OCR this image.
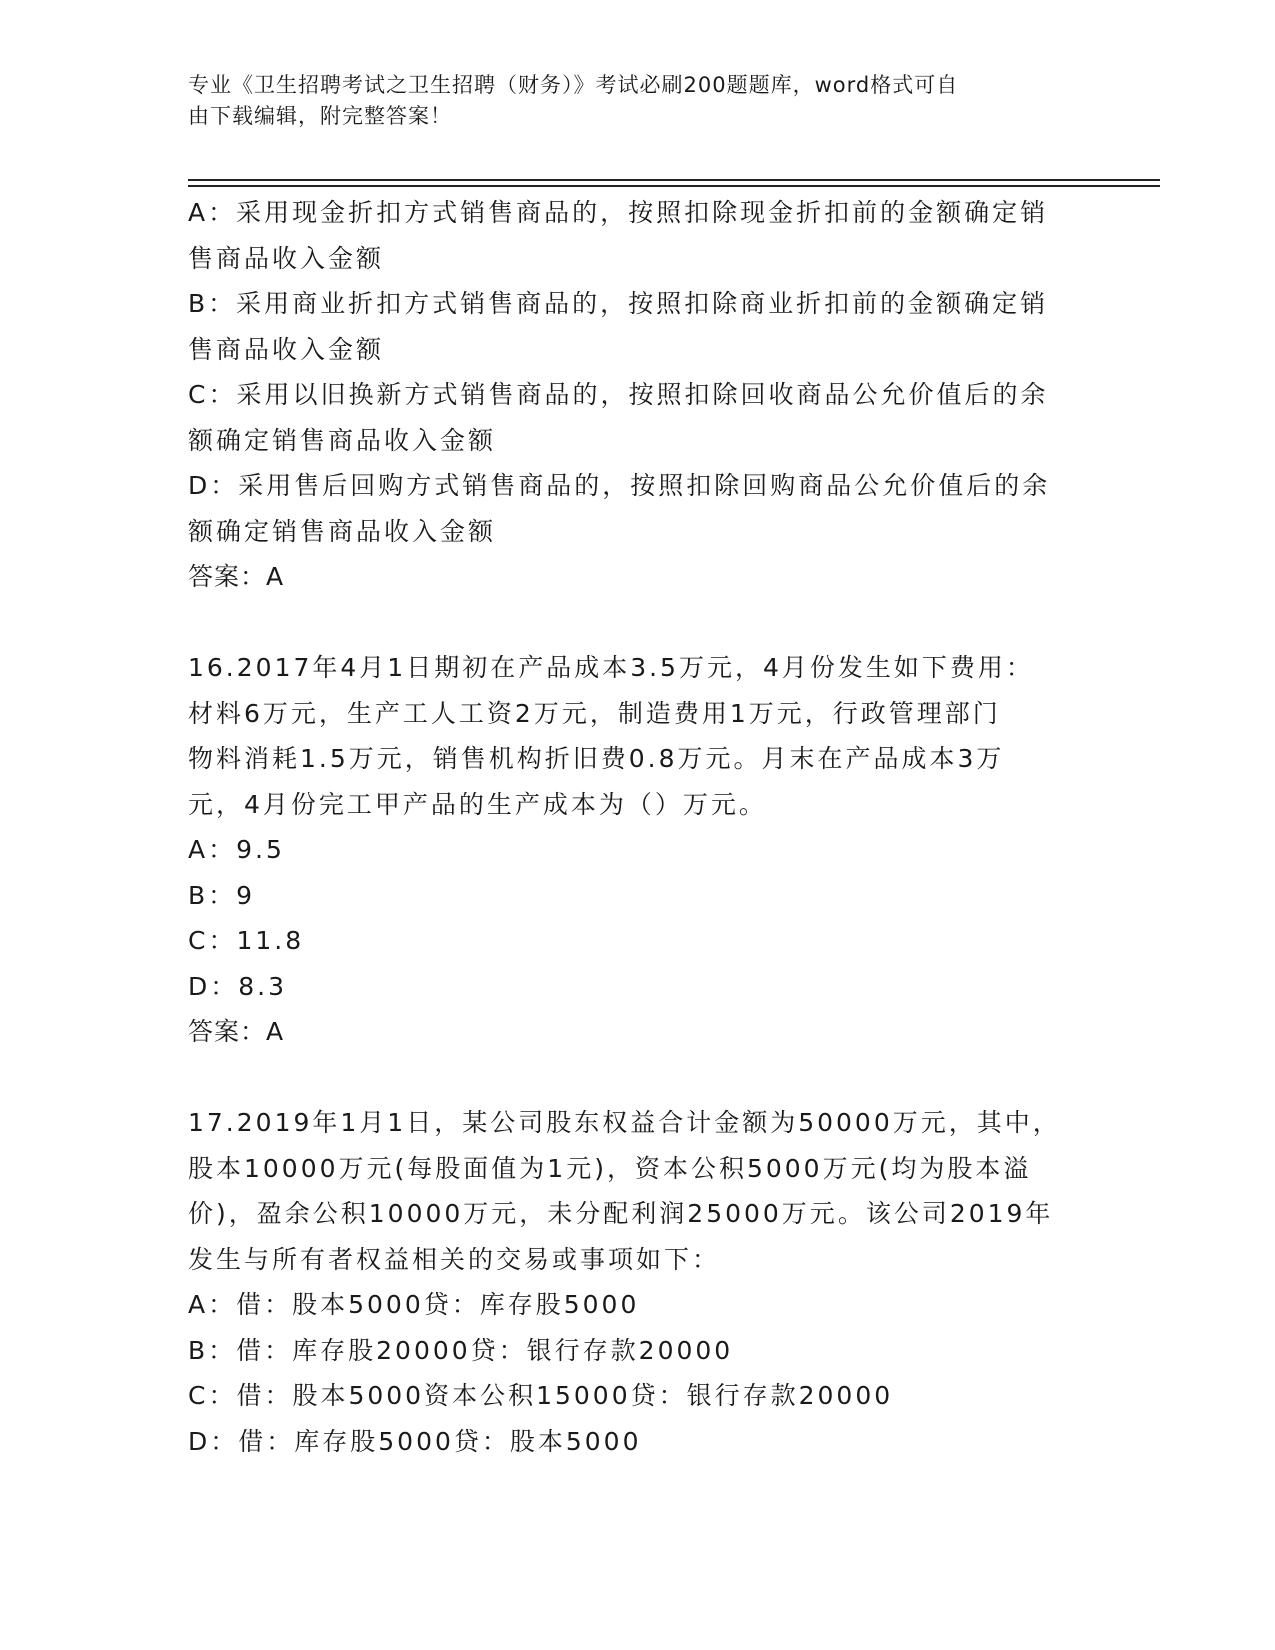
专业《卫生招聘考试之卫生招聘（财务）》考试必刷200题题库，word格式可自
由下载编辑，附完整答案！

A：采用现金折扣方式销售商品的，按照扣除现金折扣前的金额确定销

售商品收入金额

B：采用商业折扣方式销售商品的，按照扣除商业折扣前的金额确定销

售商品收入金额

C：采用以旧换新方式销售商品的，按照扣除回收商品公允价值后的余

额确定销售商品收入金额

D：采用售后回购方式销售商品的，按照扣除回购商品公允价值后的余

额确定销售商品收入金额

答案：A

16.2017年4月1日期初在产品成本3.5万元，4月份发生如下费用：

材料6万元，生产工人工资2万元，制造费用1万元，行政管理部门

物料消耗1.5万元，销售机构折旧费0.8万元。月末在产品成本3万

元，4月份完工甲产品的生产成本为（）万元。

A：9.5

B：9

C：11.8

D：8.3

答案：A

17.2019年1月1日，某公司股东权益合计金额为50000万元，其中，

股本10000万元(每股面值为1元)，资本公积5000万元(均为股本溢

价)，盈余公积10000万元，未分配利润25000万元。该公司2019年

发生与所有者权益相关的交易或事项如下：

A：借：股本5000贷：库存股5000

B：借：库存股20000贷：银行存款20000

C：借：股本5000资本公积15000贷：银行存款20000

D：借：库存股5000贷：股本5000
